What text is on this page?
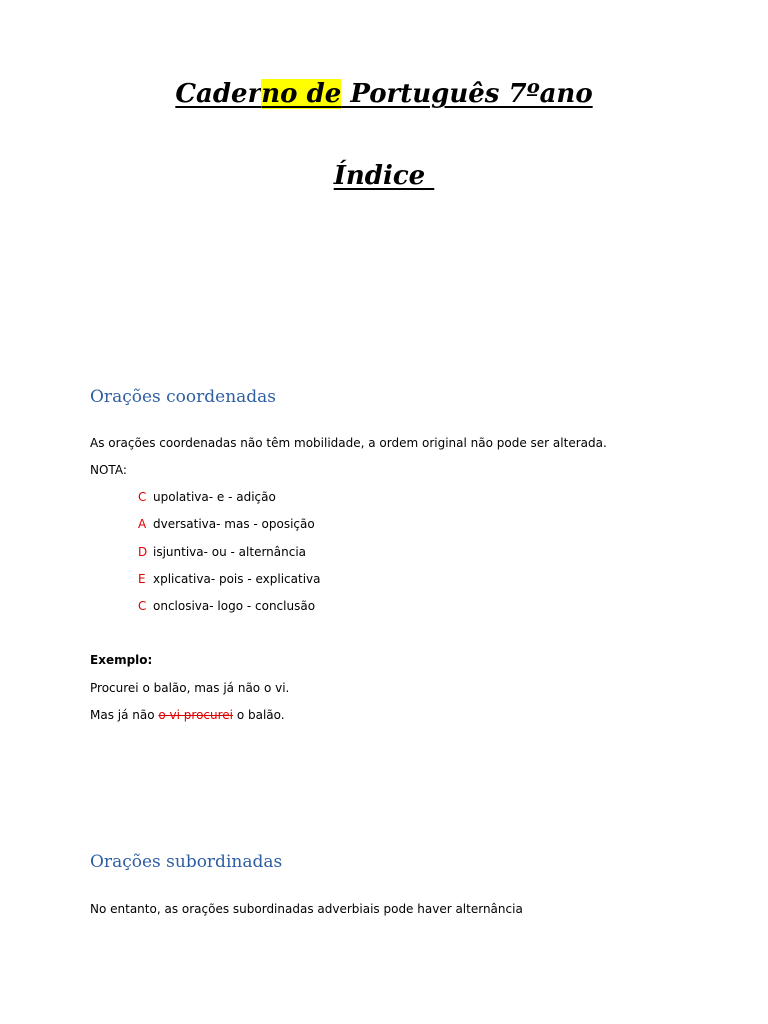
Caderno de Português 7ºano
Índice
Orações coordenadas
As orações coordenadas não têm mobilidade, a ordem original não pode ser alterada.
NOTA:
C upolativa- e - adição
A dversativa- mas - oposição
D isjuntiva- ou - alternância
E xplicativa- pois - explicativa
C onclosiva- logo - conclusão
Exemplo:
Procurei o balão, mas já não o vi.
Mas já não o vi procurei o balão.
Orações subordinadas
No entanto, as orações subordinadas adverbiais pode haver alternância
